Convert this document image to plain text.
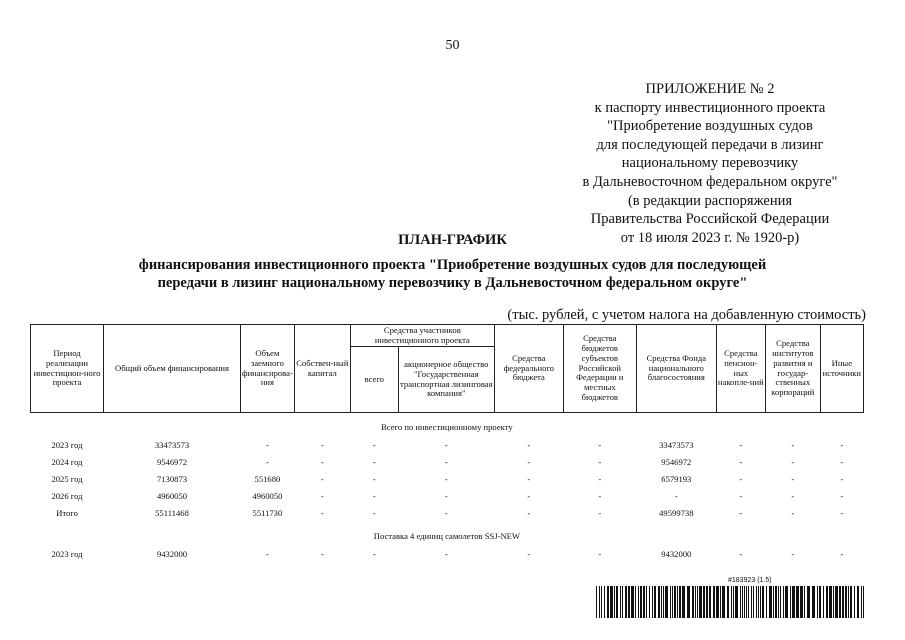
50
ПРИЛОЖЕНИЕ № 2
к паспорту инвестиционного проекта
"Приобретение воздушных судов
для последующей передачи в лизинг
национальному перевозчику
в Дальневосточном федеральном округе"
(в редакции распоряжения
Правительства Российской Федерации
от 18 июля 2023 г. № 1920-р)
ПЛАН-ГРАФИК
финансирования инвестиционного проекта "Приобретение воздушных судов для последующей
передачи в лизинг национальному перевозчику в Дальневосточном федеральном округе"
(тыс. рублей, с учетом налога на добавленную стоимость)
Период реализации инвестицион-ного проекта	Общий объем финансирования	Объем заемного финансирова-ния	Собствен-ный капитал	Средства участников инвестиционного проекта		Средства федерального бюджета	Средства бюджетов субъектов Российской Федерации и местных бюджетов	Средства Фонда национального благосостояния	Средства пенсион-ных накопле-ний	Средства институтов развития и государ-ственных корпораций	Иные источники
				всего	акционерное общество "Государственная транспортная лизинговая компания"						
Всего по инвестиционному проекту											
2023 год	33473573	-	-	-	-	-	-	33473573	-	-	-
2024 год	9546972	-	-	-	-	-	-	9546972	-	-	-
2025 год	7130873	551680	-	-	-	-	-	6579193	-	-	-
2026 год	4960050	4960050	-	-	-	-	-	-	-	-	-
Итого	55111468	5511730	-	-	-	-	-	49599738	-	-	-
Поставка 4 единиц самолетов SSJ-NEW											
2023 год	9432000	-	-	-	-	-	-	9432000	-	-	-
#183923 (1.5)
